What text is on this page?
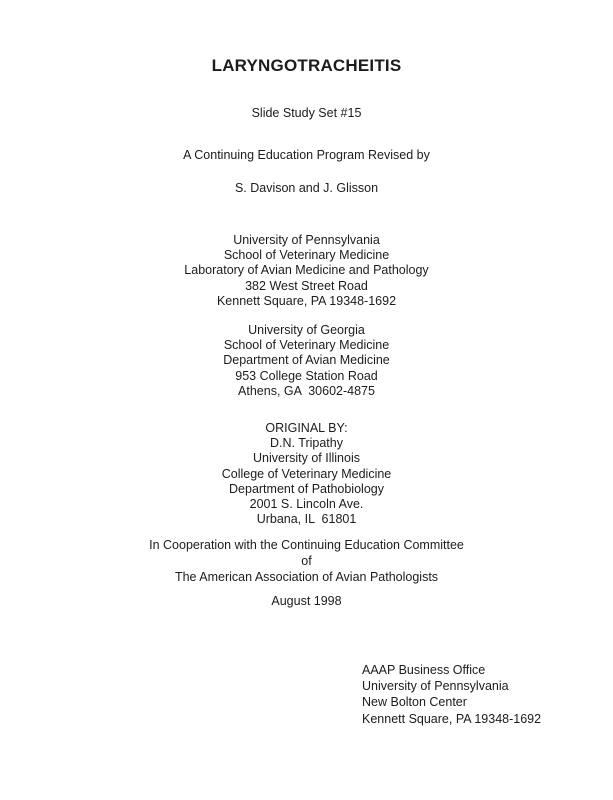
LARYNGOTRACHEITIS
Slide Study Set #15
A Continuing Education Program Revised by
S. Davison and J. Glisson
University of Pennsylvania
School of Veterinary Medicine
Laboratory of Avian Medicine and Pathology
382 West Street Road
Kennett Square, PA 19348-1692
University of Georgia
School of Veterinary Medicine
Department of Avian Medicine
953 College Station Road
Athens, GA  30602-4875
ORIGINAL BY:
D.N. Tripathy
University of Illinois
College of Veterinary Medicine
Department of Pathobiology
2001 S. Lincoln Ave.
Urbana, IL  61801
In Cooperation with the Continuing Education Committee
of
The American Association of Avian Pathologists
August 1998
AAAP Business Office
University of Pennsylvania
New Bolton Center
Kennett Square, PA 19348-1692
